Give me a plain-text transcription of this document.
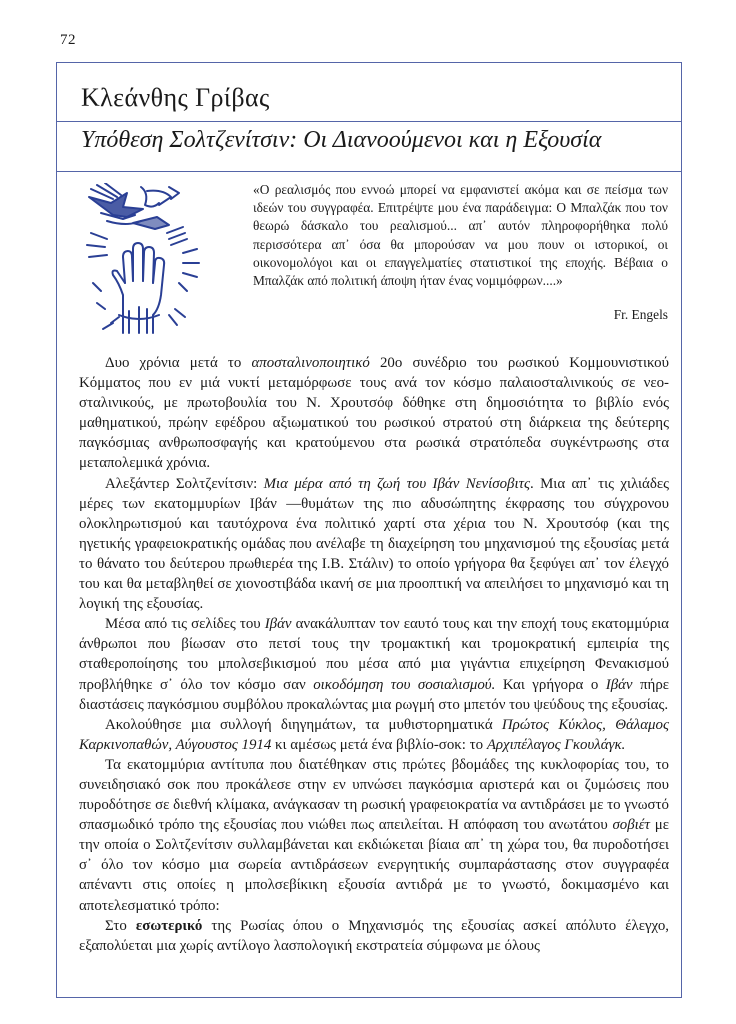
72
Κλεάνθης Γρίβας
Υπόθεση Σολτζενίτσιν: Οι Διανοούμενοι και η Εξουσία
«Ο ρεαλισμός που εννοώ μπορεί να εμφανιστεί ακόμα και σε πείσμα των ιδεών του συγγραφέα. Επιτρέψτε μου ένα παράδειγμα: Ο Μπαλζάκ που τον θεωρώ δάσκαλο του ρεαλισμού... απ᾽ αυτόν πληροφορήθηκα πολύ περισσότερα απ᾽ όσα θα μπορούσαν να μου πουν οι ιστορικοί, οι οικονομολόγοι και οι επαγγελματίες στατιστικοί της εποχής. Βέβαια ο Μπαλζάκ από πολιτική άποψη ήταν ένας νομιμόφρων....»
Fr. Engels

Δυο χρόνια μετά το αποσταλινοποιητικό 20ο συνέδριο του ρωσικού Κομμουνιστικού Κόμματος που εν μιά νυκτί μεταμόρφωσε τους ανά τον κόσμο παλαιοσταλινικούς σε νεο-σταλινικούς, με πρωτοβουλία του Ν. Χρουτσόφ δόθηκε στη δημοσιότητα το βιβλίο ενός μαθηματικού, πρώην εφέδρου αξιωματικού του ρωσικού στρατού στη διάρκεια της δεύτερης παγκόσμιας ανθρωποσφαγής και κρατούμενου στα ρωσικά στρατόπεδα συγκέντρωσης στα μεταπολεμικά χρόνια.

Αλεξάντερ Σολτζενίτσιν: Μια μέρα από τη ζωή του Ιβάν Νενίσοβιτς. Μια απ᾽ τις χιλιάδες μέρες των εκατομμυρίων Ιβάν —θυμάτων της πιο αδυσώπητης έκφρασης του σύγχρονου ολοκληρωτισμού και ταυτόχρονα ένα πολιτικό χαρτί στα χέρια του Ν. Χρουτσόφ (και της ηγετικής γραφειοκρατικής ομάδας που ανέλαβε τη διαχείρηση του μηχανισμού της εξουσίας μετά το θάνατο του δεύτερου πρωθιερέα της Ι.Β. Στάλιν) το οποίο γρήγορα θα ξεφύγει απ᾽ τον έλεγχό του και θα μεταβληθεί σε χιονοστιβάδα ικανή σε μια προοπτική να απειλήσει το μηχανισμό και τη λογική της εξουσίας.

Μέσα από τις σελίδες του Ιβάν ανακάλυπταν τον εαυτό τους και την εποχή τους εκατομμύρια άνθρωποι που βίωσαν στο πετσί τους την τρομακτική και τρομοκρατική εμπειρία της σταθεροποίησης του μπολσεβικισμού που μέσα από μια γιγάντια επιχείρηση Φενακισμού προβλήθηκε σ᾽ όλο τον κόσμο σαν οικοδόμηση του σοσιαλισμού. Και γρήγορα ο Ιβάν πήρε διαστάσεις παγκόσμιου συμβόλου προκαλώντας μια ρωγμή στο μπετόν του ψεύδους της εξουσίας.

Ακολούθησε μια συλλογή διηγημάτων, τα μυθιστορηματικά Πρώτος Κύκλος, Θάλαμος Καρκινοπαθών, Αύγουστος 1914 κι αμέσως μετά ένα βιβλίο-σοκ: το Αρχιπέλαγος Γκουλάγκ.

Τα εκατομμύρια αντίτυπα που διατέθηκαν στις πρώτες βδομάδες της κυκλοφορίας του, το συνειδησιακό σοκ που προκάλεσε στην εν υπνώσει παγκόσμια αριστερά και οι ζυμώσεις που πυροδότησε σε διεθνή κλίμακα, ανάγκασαν τη ρωσική γραφειοκρατία να αντιδράσει με το γνωστό σπασμωδικό τρόπο της εξουσίας που νιώθει πως απειλείται. Η απόφαση του ανωτάτου σοβιέτ με την οποία ο Σολτζενίτσιν συλλαμβάνεται και εκδιώκεται βίαια απ᾽ τη χώρα του, θα πυροδοτήσει σ᾽ όλο τον κόσμο μια σωρεία αντιδράσεων ενεργητικής συμπαράστασης στον συγγραφέα απέναντι στις οποίες η μπολσεβίκικη εξουσία αντιδρά με το γνωστό, δοκιμασμένο και αποτελεσματικό τρόπο:

Στο εσωτερικό της Ρωσίας όπου ο Μηχανισμός της εξουσίας ασκεί απόλυτο έλεγχο, εξαπολύεται μια χωρίς αντίλογο λασπολογική εκστρατεία σύμφωνα με όλους
